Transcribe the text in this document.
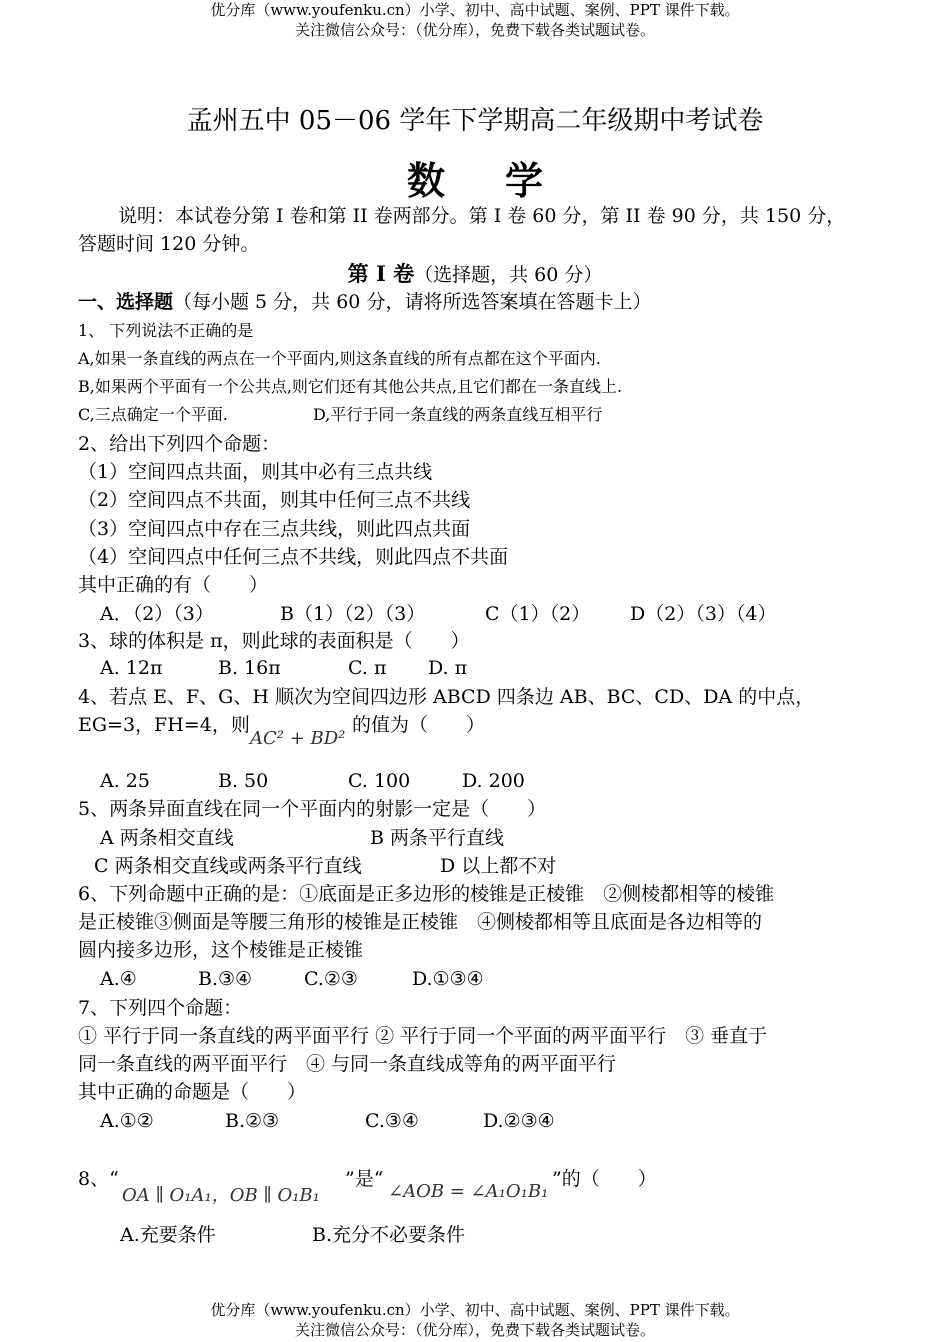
优分库（www.youfenku.cn）小学、初中、高中试题、案例、PPT 课件下载。
关注微信公众号：（优分库），免费下载各类试题试卷。
孟州五中 05－06 学年下学期高二年级期中考试卷
数学
说明：本试卷分第 I 卷和第 II 卷两部分。第 I 卷 60 分，第 II 卷 90 分，共 150 分，
答题时间 120 分钟。
第 I 卷（选择题，共 60 分）
一、选择题（每小题 5 分，共 60 分，请将所选答案填在答题卡上）
1、 下列说法不正确的是
A,如果一条直线的两点在一个平面内,则这条直线的所有点都在这个平面内.
B,如果两个平面有一个公共点,则它们还有其他公共点,且它们都在一条直线上.
C,三点确定一个平面.	D,平行于同一条直线的两条直线互相平行
2、给出下列四个命题：
（1）空间四点共面，则其中必有三点共线
（2）空间四点不共面，则其中任何三点不共线
（3）空间四点中存在三点共线，则此四点共面
（4）空间四点中任何三点不共线，则此四点不共面
其中正确的有（　　）
A．（2）（3）	B（1）（2）（3）	C（1）（2） D（2）（3）（4）
3、球的体积是 π，则此球的表面积是（　　）
A. 12π	B. 16π	C. π D. π
4、若点 E、F、G、H 顺次为空间四边形 ABCD 四条边 AB、BC、CD、DA 的中点，
EG=3，FH=4，则
AC² + BD²
的值为（　　）
A. 25	B. 50	C. 100	D. 200
5、两条异面直线在同一个平面内的射影一定是（　　）
A 两条相交直线	B 两条平行直线
C 两条相交直线或两条平行直线	D 以上都不对
6、下列命题中正确的是：①底面是正多边形的棱锥是正棱锥　②侧棱都相等的棱锥
是正棱锥③侧面是等腰三角形的棱锥是正棱锥　④侧棱都相等且底面是各边相等的
圆内接多边形，这个棱锥是正棱锥
A.④	B.③④	C.②③	D.①③④
7、下列四个命题：
① 平行于同一条直线的两平面平行 ② 平行于同一个平面的两平面平行　③ 垂直于
同一条直线的两平面平行　④ 与同一条直线成等角的两平面平行
其中正确的命题是（　　）
A.①②	B.②③	C.③④	D.②③④
8、“
OA ∥ O₁A₁，OB ∥ O₁B₁
”是“
∠AOB = ∠A₁O₁B₁
”的（　　）
A.充要条件	B.充分不必要条件
优分库（www.youfenku.cn）小学、初中、高中试题、案例、PPT 课件下载。
关注微信公众号：（优分库），免费下载各类试题试卷。
